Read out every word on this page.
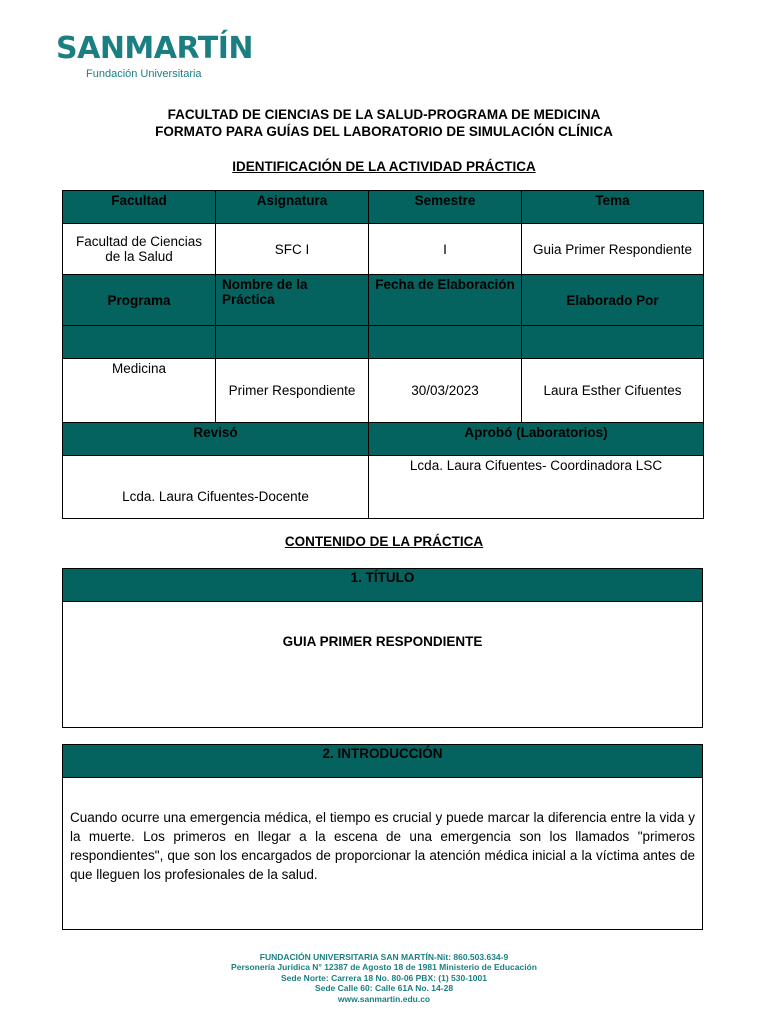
SANMARTÍN
Fundación Universitaria
FACULTAD DE CIENCIAS DE LA SALUD-PROGRAMA DE MEDICINA
FORMATO PARA GUÍAS DEL LABORATORIO DE SIMULACIÓN CLÍNICA
IDENTIFICACIÓN DE LA ACTIVIDAD PRÁCTICA
Facultad	Asignatura	Semestre	Tema
Facultad de Ciencias de la Salud	SFC I	I	Guia Primer Respondiente
Programa	Nombre de la Práctica	Fecha de Elaboración	Elaborado Por

Medicina	Primer Respondiente	30/03/2023	Laura Esther Cifuentes
Revisó		Aprobó (Laboratorios)	
Lcda. Laura Cifuentes-Docente		Lcda. Laura Cifuentes- Coordinadora LSC	
CONTENIDO DE LA PRÁCTICA
1. TÍTULO
GUIA PRIMER RESPONDIENTE
2. INTRODUCCIÓN
Cuando ocurre una emergencia médica, el tiempo es crucial y puede marcar la diferencia entre la vida y la muerte. Los primeros en llegar a la escena de una emergencia son los llamados "primeros respondientes", que son los encargados de proporcionar la atención médica inicial a la víctima antes de que lleguen los profesionales de la salud.
FUNDACIÓN UNIVERSITARIA SAN MARTÍN-Nit: 860.503.634-9
Personería Jurídica N° 12387 de Agosto 18 de 1981 Ministerio de Educación
Sede Norte: Carrera 18 No. 80-06 PBX: (1) 530-1001
Sede Calle 60: Calle 61A No. 14-28
www.sanmartin.edu.co
